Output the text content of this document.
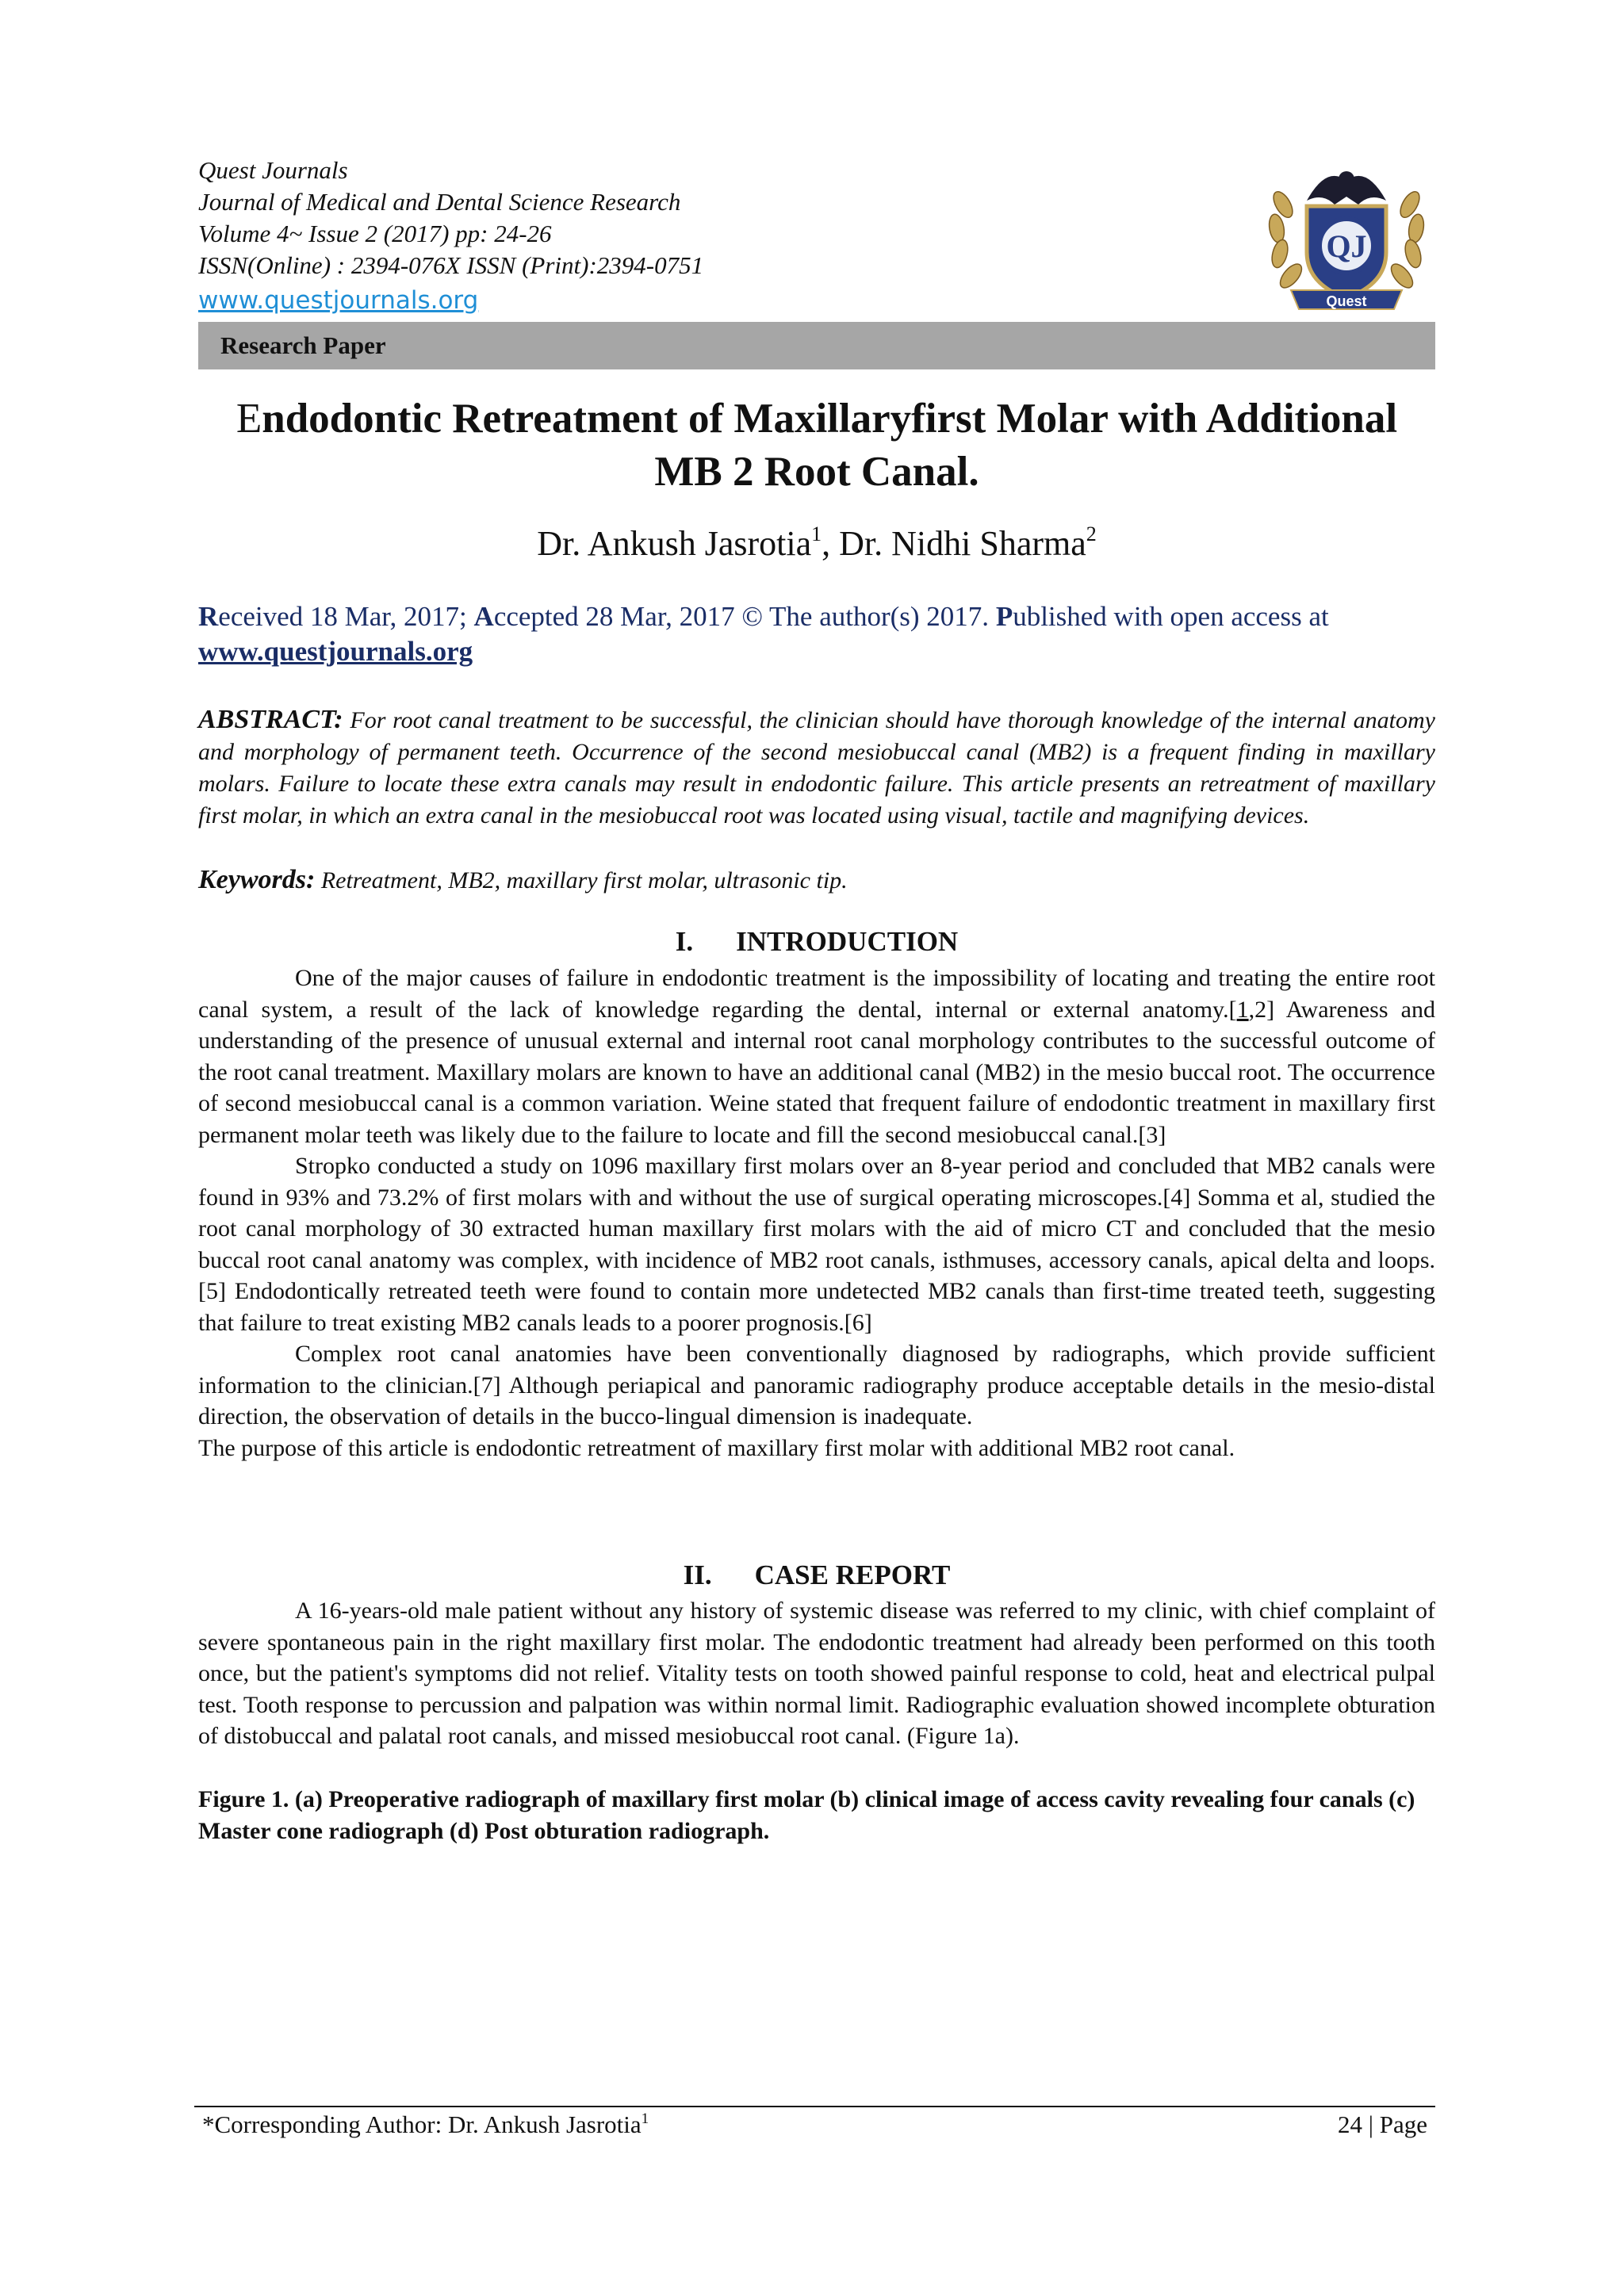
Quest Journals
Journal of Medical and Dental Science Research
Volume 4~ Issue 2 (2017) pp: 24-26
ISSN(Online) : 2394-076X ISSN (Print):2394-0751
www.questjournals.org
QJ
Quest
Research Paper
Endodontic Retreatment of Maxillaryfirst Molar with Additional
MB 2 Root Canal.
Dr. Ankush Jasrotia$^1$, Dr. Nidhi Sharma$^2$
Received 18 Mar, 2017; Accepted 28 Mar, 2017 © The author(s) 2017. Published with open access at
www.questjournals.org
ABSTRACT: For root canal treatment to be successful, the clinician should have thorough knowledge of the internal anatomy and morphology of permanent teeth. Occurrence of the second mesiobuccal canal (MB2) is a frequent finding in maxillary molars. Failure to locate these extra canals may result in endodontic failure. This article presents an retreatment of maxillary first molar, in which an extra canal in the mesiobuccal root was located using visual, tactile and magnifying devices.
Keywords: Retreatment, MB2, maxillary first molar, ultrasonic tip.
I. INTRODUCTION

One of the major causes of failure in endodontic treatment is the impossibility of locating and treating the entire root canal system, a result of the lack of knowledge regarding the dental, internal or external anatomy.[1,2] Awareness and understanding of the presence of unusual external and internal root canal morphology contributes to the successful outcome of the root canal treatment. Maxillary molars are known to have an additional canal (MB2) in the mesio buccal root. The occurrence of second mesiobuccal canal is a common variation. Weine stated that frequent failure of endodontic treatment in maxillary first permanent molar teeth was likely due to the failure to locate and fill the second mesiobuccal canal.[3]

Stropko conducted a study on 1096 maxillary first molars over an 8-year period and concluded that MB2 canals were found in 93% and 73.2% of first molars with and without the use of surgical operating microscopes.[4] Somma et al, studied the root canal morphology of 30 extracted human maxillary first molars with the aid of micro CT and concluded that the mesio buccal root canal anatomy was complex, with incidence of MB2 root canals, isthmuses, accessory canals, apical delta and loops.[5] Endodontically retreated teeth were found to contain more undetected MB2 canals than first-time treated teeth, suggesting that failure to treat existing MB2 canals leads to a poorer prognosis.[6]

Complex root canal anatomies have been conventionally diagnosed by radiographs, which provide sufficient information to the clinician.[7] Although periapical and panoramic radiography produce acceptable details in the mesio-distal direction, the observation of details in the bucco-lingual dimension is inadequate.

The purpose of this article is endodontic retreatment of maxillary first molar with additional MB2 root canal.

II. CASE REPORT

A 16-years-old male patient without any history of systemic disease was referred to my clinic, with chief complaint of severe spontaneous pain in the right maxillary first molar. The endodontic treatment had already been performed on this tooth once, but the patient's symptoms did not relief. Vitality tests on tooth showed painful response to cold, heat and electrical pulpal test. Tooth response to percussion and palpation was within normal limit. Radiographic evaluation showed incomplete obturation of distobuccal and palatal root canals, and missed mesiobuccal root canal. (Figure 1a).

Figure 1. (a) Preoperative radiograph of maxillary first molar (b) clinical image of access cavity revealing four canals (c) Master cone radiograph (d) Post obturation radiograph.
*Corresponding Author: Dr. Ankush Jasrotia$^1$	24 | Page
